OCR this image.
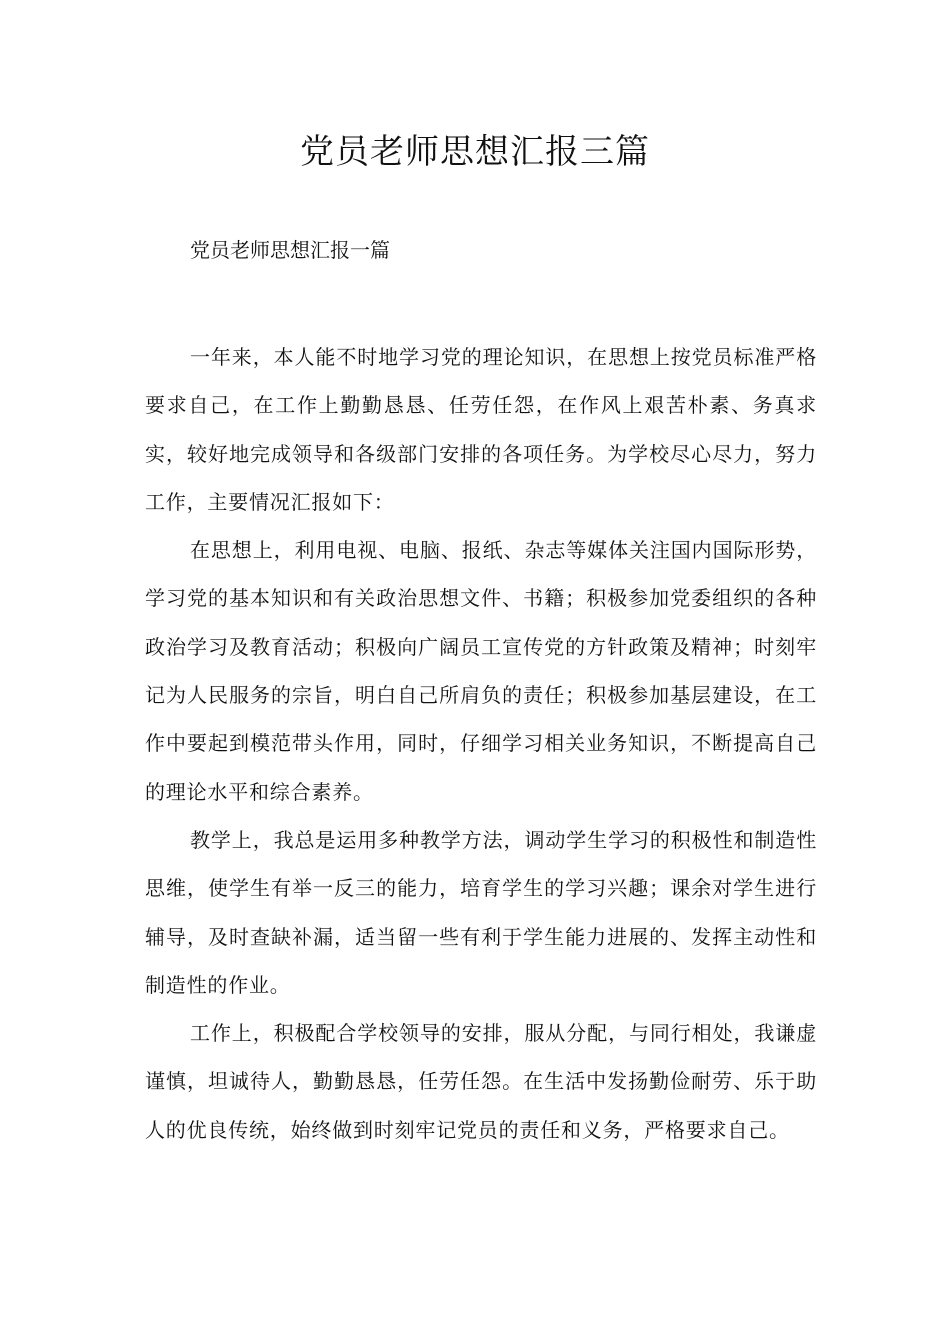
党员老师思想汇报三篇

党员老师思想汇报一篇

一年来，本人能不时地学习党的理论知识，在思想上按党员标准严格要求自己，在工作上勤勤恳恳、任劳任怨，在作风上艰苦朴素、务真求实，较好地完成领导和各级部门安排的各项任务。为学校尽心尽力，努力工作，主要情况汇报如下：

在思想上，利用电视、电脑、报纸、杂志等媒体关注国内国际形势，学习党的基本知识和有关政治思想文件、书籍；积极参加党委组织的各种政治学习及教育活动；积极向广阔员工宣传党的方针政策及精神；时刻牢记为人民服务的宗旨，明白自己所肩负的责任；积极参加基层建设，在工作中要起到模范带头作用，同时，仔细学习相关业务知识，不断提高自己的理论水平和综合素养。

教学上，我总是运用多种教学方法，调动学生学习的积极性和制造性思维，使学生有举一反三的能力，培育学生的学习兴趣；课余对学生进行辅导，及时查缺补漏，适当留一些有利于学生能力进展的、发挥主动性和制造性的作业。

工作上，积极配合学校领导的安排，服从分配，与同行相处，我谦虚谨慎，坦诚待人，勤勤恳恳，任劳任怨。在生活中发扬勤俭耐劳、乐于助人的优良传统，始终做到时刻牢记党员的责任和义务，严格要求自己。
